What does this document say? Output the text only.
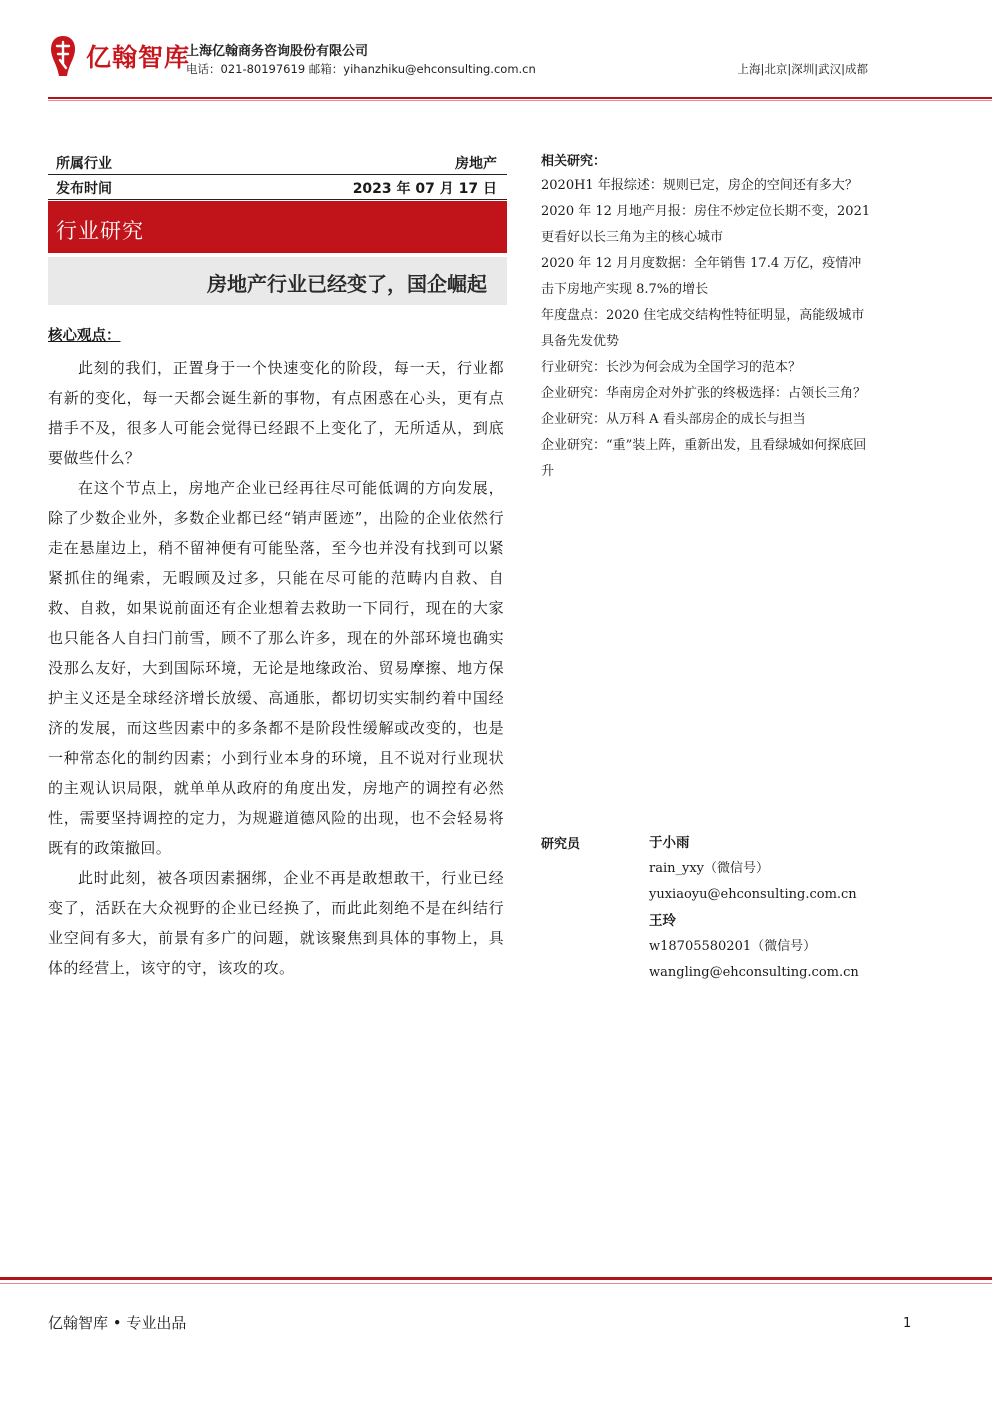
亿翰智库
上海亿翰商务咨询股份有限公司
电话：021-80197619 邮箱：yihanzhiku@ehconsulting.com.cn	上海|北京|深圳|武汉|成都
所属行业	房地产
发布时间	2023 年 07 月 17 日
行业研究
房地产行业已经变了，国企崛起
核心观点：

此刻的我们，正置身于一个快速变化的阶段，每一天，行业都有新的变化，每一天都会诞生新的事物，有点困惑在心头，更有点措手不及，很多人可能会觉得已经跟不上变化了，无所适从，到底要做些什么？

在这个节点上，房地产企业已经再往尽可能低调的方向发展，除了少数企业外，多数企业都已经“销声匿迹”，出险的企业依然行走在悬崖边上，稍不留神便有可能坠落，至今也并没有找到可以紧紧抓住的绳索，无暇顾及过多，只能在尽可能的范畴内自救、自救、自救，如果说前面还有企业想着去救助一下同行，现在的大家也只能各人自扫门前雪，顾不了那么许多，现在的外部环境也确实没那么友好，大到国际环境，无论是地缘政治、贸易摩擦、地方保护主义还是全球经济增长放缓、高通胀，都切切实实制约着中国经济的发展，而这些因素中的多条都不是阶段性缓解或改变的，也是一种常态化的制约因素；小到行业本身的环境，且不说对行业现状的主观认识局限，就单单从政府的角度出发，房地产的调控有必然性，需要坚持调控的定力，为规避道德风险的出现，也不会轻易将既有的政策撤回。

此时此刻，被各项因素捆绑，企业不再是敢想敢干，行业已经变了，活跃在大众视野的企业已经换了，而此此刻绝不是在纠结行业空间有多大，前景有多广的问题，就该聚焦到具体的事物上，具体的经营上，该守的守，该攻的攻。

相关研究：
2020H1 年报综述：规则已定，房企的空间还有多大？
2020 年 12 月地产月报：房住不炒定位长期不变，2021 更看好以长三角为主的核心城市
2020 年 12 月月度数据：全年销售 17.4 万亿，疫情冲击下房地产实现 8.7%的增长
年度盘点：2020 住宅成交结构性特征明显，高能级城市具备先发优势
行业研究：长沙为何会成为全国学习的范本？
企业研究：华南房企对外扩张的终极选择：占领长三角？
企业研究：从万科 A 看头部房企的成长与担当
企业研究：“重”装上阵，重新出发，且看绿城如何探底回升
研究员	于小雨
rain_yxy（微信号）
yuxiaoyu@ehconsulting.com.cn
王玲
w18705580201（微信号）
wangling@ehconsulting.com.cn
亿翰智库 • 专业出品	1
